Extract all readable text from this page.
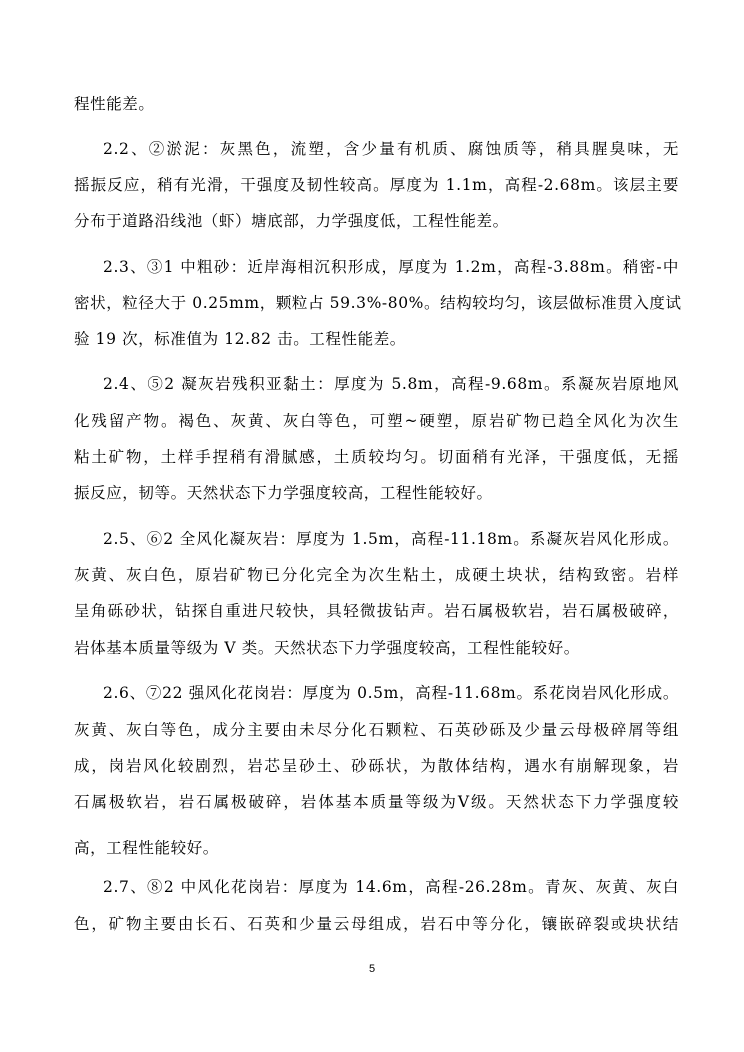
程性能差。
2.2、②淤泥：灰黑色，流塑，含少量有机质、腐蚀质等，稍具腥臭味，无
摇振反应，稍有光滑，干强度及韧性较高。厚度为 1.1m，高程-2.68m。该层主要
分布于道路沿线池（虾）塘底部，力学强度低，工程性能差。
2.3、③1 中粗砂：近岸海相沉积形成，厚度为 1.2m，高程-3.88m。稍密-中
密状，粒径大于 0.25mm，颗粒占 59.3%-80%。结构较均匀，该层做标准贯入度试
验 19 次，标准值为 12.82 击。工程性能差。
2.4、⑤2 凝灰岩残积亚黏土：厚度为 5.8m，高程-9.68m。系凝灰岩原地风
化残留产物。褐色、灰黄、灰白等色，可塑~硬塑，原岩矿物已趋全风化为次生
粘土矿物，土样手捏稍有滑腻感，土质较均匀。切面稍有光泽，干强度低，无摇
振反应，韧等。天然状态下力学强度较高，工程性能较好。
2.5、⑥2 全风化凝灰岩：厚度为 1.5m，高程-11.18m。系凝灰岩风化形成。
灰黄、灰白色，原岩矿物已分化完全为次生粘土，成硬土块状，结构致密。岩样
呈角砾砂状，钻探自重进尺较快，具轻微拔钻声。岩石属极软岩，岩石属极破碎，
岩体基本质量等级为 V 类。天然状态下力学强度较高，工程性能较好。
2.6、⑦22 强风化花岗岩：厚度为 0.5m，高程-11.68m。系花岗岩风化形成。
灰黄、灰白等色，成分主要由未尽分化石颗粒、石英砂砾及少量云母极碎屑等组
成，岗岩风化较剧烈，岩芯呈砂土、砂砾状，为散体结构，遇水有崩解现象，岩
石属极软岩，岩石属极破碎，岩体基本质量等级为Ⅴ级。天然状态下力学强度较
高，工程性能较好。
2.7、⑧2 中风化花岗岩：厚度为 14.6m，高程-26.28m。青灰、灰黄、灰白
色，矿物主要由长石、石英和少量云母组成，岩石中等分化，镶嵌碎裂或块状结
5
